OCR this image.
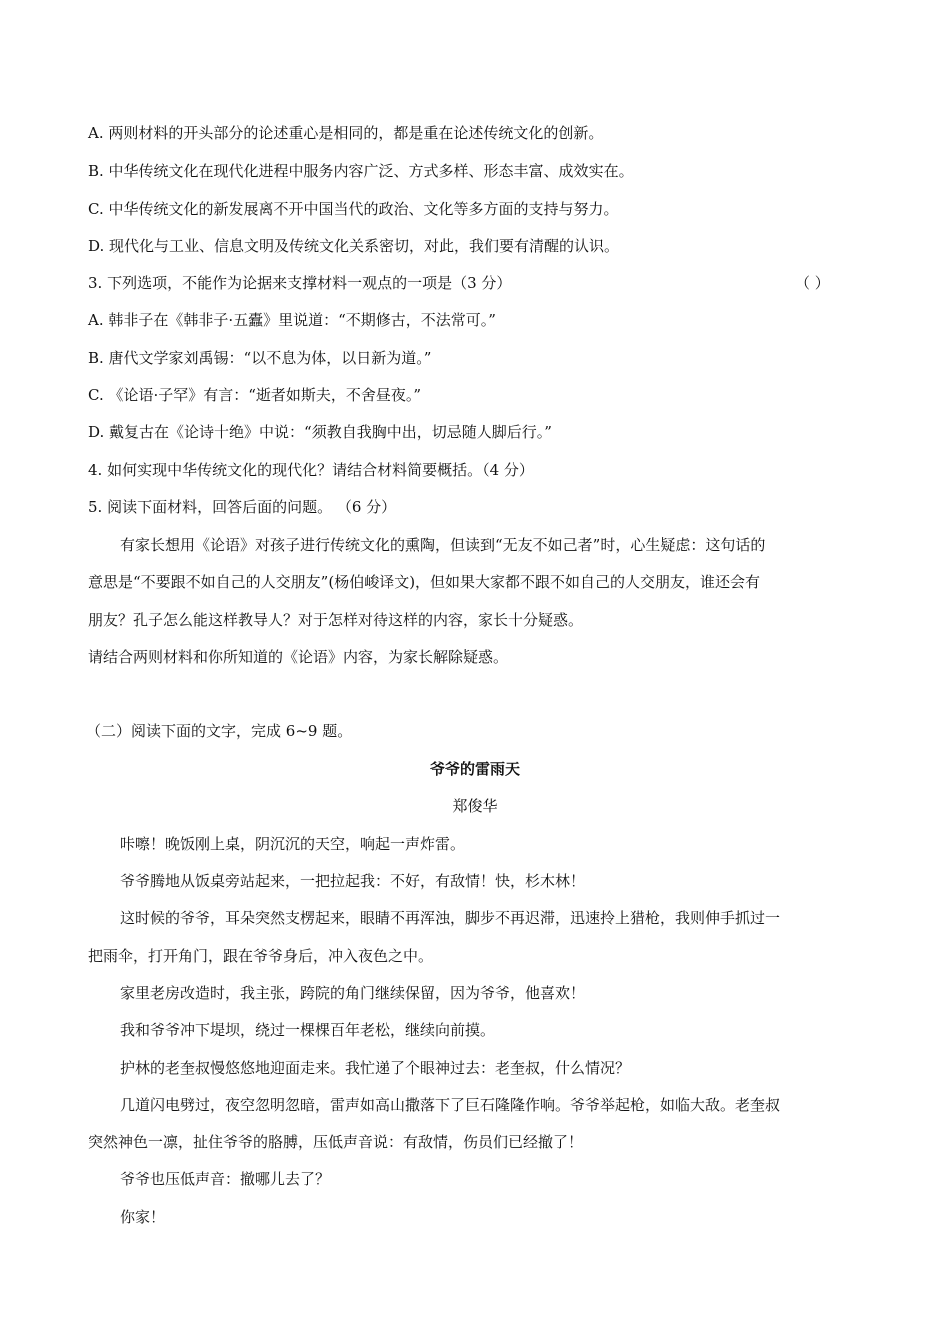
A. 两则材料的开头部分的论述重心是相同的，都是重在论述传统文化的创新。
B. 中华传统文化在现代化进程中服务内容广泛、方式多样、形态丰富、成效实在。
C. 中华传统文化的新发展离不开中国当代的政治、文化等多方面的支持与努力。
D. 现代化与工业、信息文明及传统文化关系密切，对此，我们要有清醒的认识。
3. 下列选项，不能作为论据来支撑材料一观点的一项是（3 分）	（ ）
A. 韩非子在《韩非子·五蠹》里说道：“不期修古，不法常可。”
B. 唐代文学家刘禹锡：“以不息为体，以日新为道。”
C. 《论语·子罕》有言：“逝者如斯夫，不舍昼夜。”
D. 戴复古在《论诗十绝》中说：“须教自我胸中出，切忌随人脚后行。”
4. 如何实现中华传统文化的现代化？请结合材料简要概括。（4 分）
5. 阅读下面材料，回答后面的问题。 （6 分）
有家长想用《论语》对孩子进行传统文化的熏陶，但读到“无友不如己者”时，心生疑虑：这句话的
意思是“不要跟不如自己的人交朋友”(杨伯峻译文)，但如果大家都不跟不如自己的人交朋友，谁还会有
朋友？孔子怎么能这样教导人？对于怎样对待这样的内容，家长十分疑惑。
请结合两则材料和你所知道的《论语》内容，为家长解除疑惑。
（二）阅读下面的文字，完成 6~9 题。
爷爷的雷雨天
郑俊华
咔嚓！晚饭刚上桌，阴沉沉的天空，响起一声炸雷。
爷爷腾地从饭桌旁站起来，一把拉起我：不好，有敌情！快，杉木林！
这时候的爷爷，耳朵突然支楞起来，眼睛不再浑浊，脚步不再迟滞，迅速拎上猎枪，我则伸手抓过一
把雨伞，打开角门，跟在爷爷身后，冲入夜色之中。
家里老房改造时，我主张，跨院的角门继续保留，因为爷爷，他喜欢！
我和爷爷冲下堤坝，绕过一棵棵百年老松，继续向前摸。
护林的老奎叔慢悠悠地迎面走来。我忙递了个眼神过去：老奎叔，什么情况？
几道闪电劈过，夜空忽明忽暗，雷声如高山撒落下了巨石隆隆作响。爷爷举起枪，如临大敌。老奎叔
突然神色一凛，扯住爷爷的胳膊，压低声音说：有敌情，伤员们已经撤了！
爷爷也压低声音：撤哪儿去了？
你家！
